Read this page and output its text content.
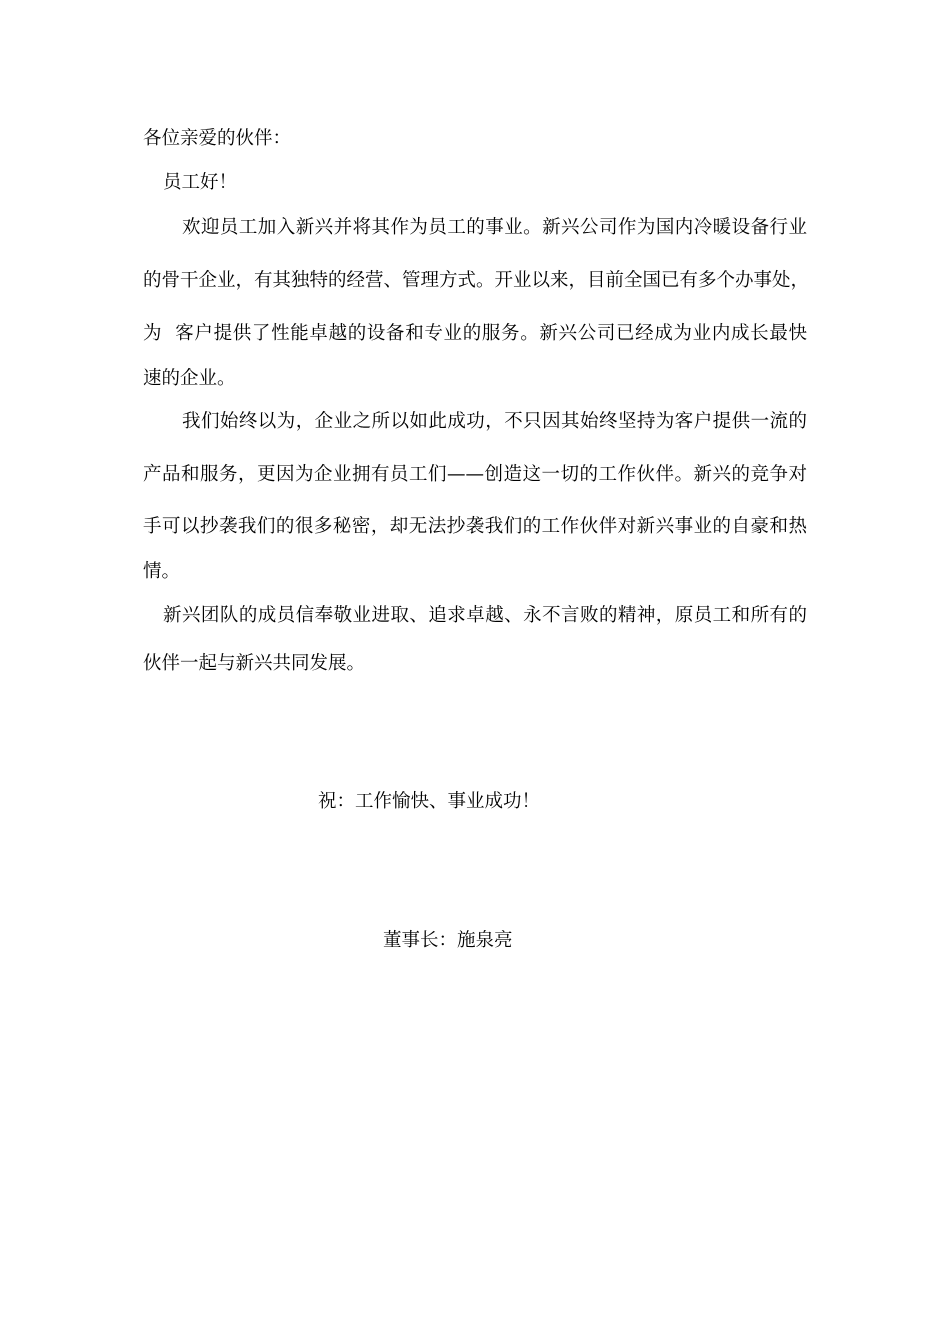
各位亲爱的伙伴：

员工好！

欢迎员工加入新兴并将其作为员工的事业。新兴公司作为国内冷暖设备行业

的骨干企业，有其独特的经营、管理方式。开业以来，目前全国已有多个办事处，

为  客户提供了性能卓越的设备和专业的服务。新兴公司已经成为业内成长最快

速的企业。

我们始终以为，企业之所以如此成功，不只因其始终坚持为客户提供一流的

产品和服务，更因为企业拥有员工们——创造这一切的工作伙伴。新兴的竞争对

手可以抄袭我们的很多秘密，却无法抄袭我们的工作伙伴对新兴事业的自豪和热

情。

新兴团队的成员信奉敬业进取、追求卓越、永不言败的精神，原员工和所有的

伙伴一起与新兴共同发展。

祝：工作愉快、事业成功！

董事长：施泉亮
